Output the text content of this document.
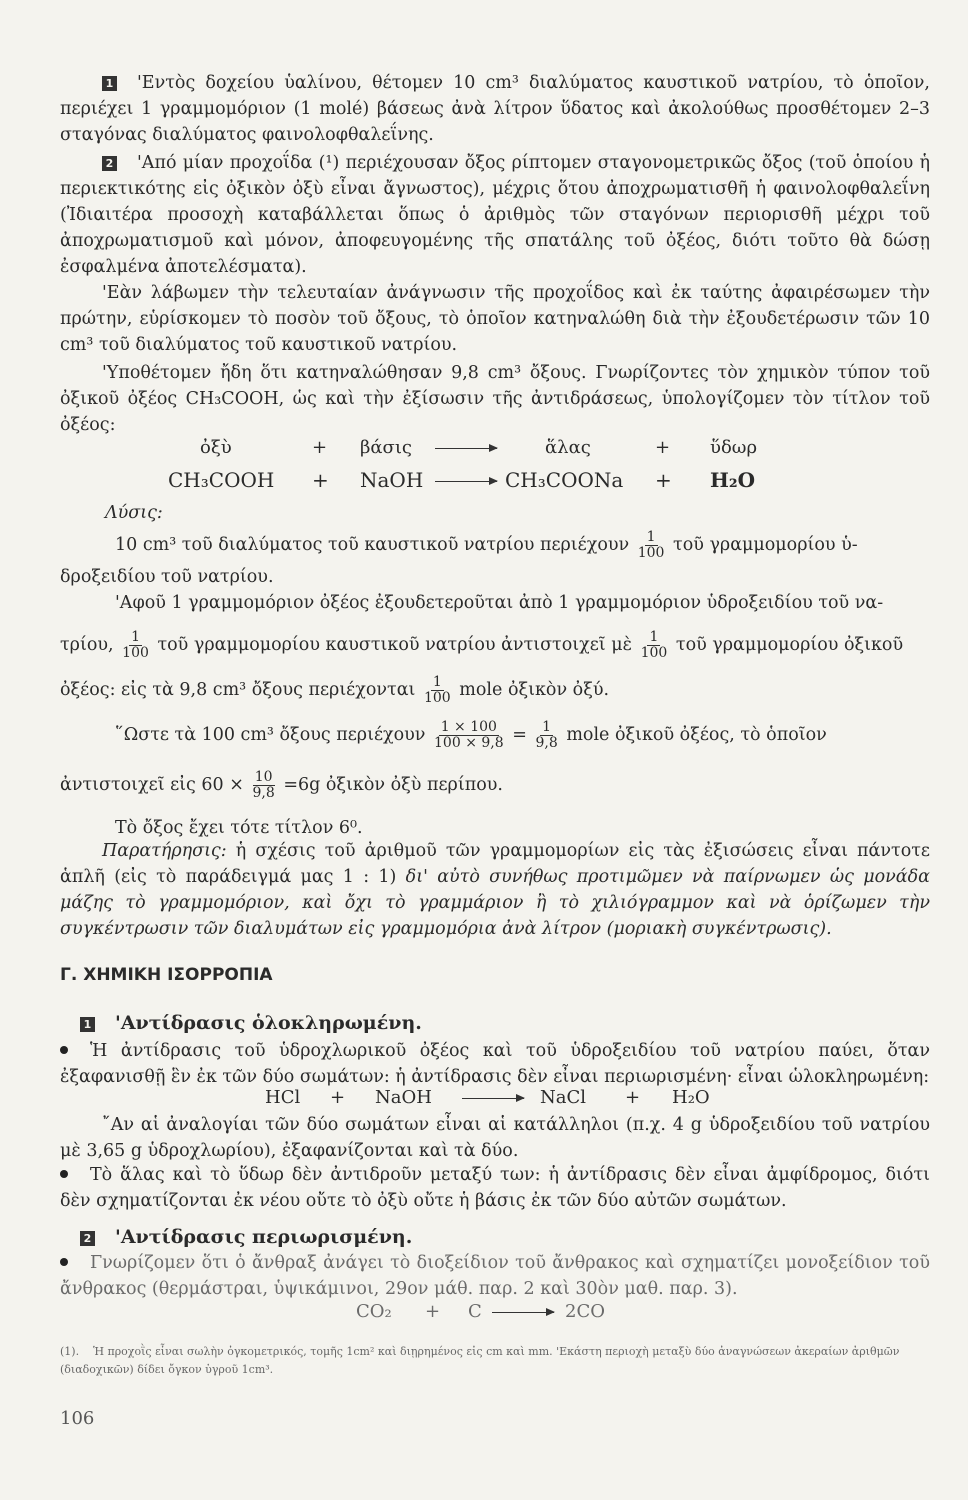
1 'Εντὸς δοχείου ὑαλίνου, θέτομεν 10 cm³ διαλύματος καυστικοῦ νατρίου, τὸ ὁποῖον, περιέχει 1 γραμμομόριον (1 molé) βάσεως ἀνὰ λίτρον ὕδατος καὶ ἀκολούθως προσθέτομεν 2–3 σταγόνας διαλύματος φαινολοφθαλεΐνης.

2 'Από μίαν προχοΐδα (¹) περιέχουσαν ὄξος ρίπτομεν σταγονομετρικῶς ὄξος (τοῦ ὁποίου ἡ περιεκτικότης εἰς ὀξικὸν ὀξὺ εἶναι ἄγνωστος), μέχρις ὅτου ἀποχρωματισθῆ ἡ φαινολοφθαλεΐνη (Ἰδιαιτέρα προσοχὴ καταβάλλεται ὅπως ὁ ἀριθμὸς τῶν σταγόνων περιορισθῆ μέχρι τοῦ ἀποχρωματισμοῦ καὶ μόνον, ἀποφευγομένης τῆς σπατάλης τοῦ ὀξέος, διότι τοῦτο θὰ δώσῃ ἐσφαλμένα ἀποτελέσματα).

'Εὰν λάβωμεν τὴν τελευταίαν ἀνάγνωσιν τῆς προχοΐδος καὶ ἐκ ταύτης ἀφαιρέσωμεν τὴν πρώτην, εὑρίσκομεν τὸ ποσὸν τοῦ ὄξους, τὸ ὁποῖον κατηναλώθη διὰ τὴν ἐξουδετέρωσιν τῶν 10 cm³ τοῦ διαλύματος τοῦ καυστικοῦ νατρίου.

'Υποθέτομεν ἤδη ὅτι κατηναλώθησαν 9,8 cm³ ὄξους. Γνωρίζοντες τὸν χημικὸν τύπον τοῦ ὀξικοῦ ὀξέος CH₃COOH, ὡς καὶ τὴν ἐξίσωσιν τῆς ἀντιδράσεως, ὑπολογίζομεν τὸν τίτλον τοῦ ὀξέος:

ὀξὺ	+ βάσις →	ἅλας	+ ὕδωρ
CH₃COOH + NaOH → CH₃COONa + H₂O
Λύσις:
10 cm³ τοῦ διαλύματος τοῦ καυστικοῦ νατρίου περιέχουν $\frac{1}{100}$ τοῦ γραμμομορίου ὑ-
δροξειδίου τοῦ νατρίου.
'Αφοῦ 1 γραμμομόριον ὀξέος ἐξουδετεροῦται ἀπὸ 1 γραμμομόριον ὑδροξειδίου τοῦ να-
τρίου, $\frac{1}{100}$ τοῦ γραμμομορίου καυστικοῦ νατρίου ἀντιστοιχεῖ μὲ $\frac{1}{100}$ τοῦ γραμμομορίου ὀξικοῦ
ὀξέος: εἰς τὰ 9,8 cm³ ὄξους περιέχονται $\frac{1}{100}$ mole ὀξικὸν ὀξύ.
῞Ωστε τὰ 100 cm³ ὄξους περιέχουν $\frac{1 \times 100}{100 \times 9,8} = \frac{1}{9,8}$ mole ὀξικοῦ ὀξέος, τὸ ὁποῖον
ἀντιστοιχεῖ εἰς $60 \times \frac{10}{9,8} =6g$ ὀξικὸν ὀξὺ περίπου.
Τὸ ὄξος ἔχει τότε τίτλον 6⁰.

Παρατήρησις: ἡ σχέσις τοῦ ἀριθμοῦ τῶν γραμμομορίων εἰς τὰς ἐξισώσεις εἶναι πάντοτε ἁπλῆ (εἰς τὸ παράδειγμά μας 1 : 1) δι' αὐτὸ συνήθως προτιμῶμεν νὰ παίρνωμεν ὡς μονάδα μάζης τὸ γραμμομόριον, καὶ ὄχι τὸ γραμμάριον ἢ τὸ χιλιόγραμμον καὶ νὰ ὁρίζωμεν τὴν συγκέντρωσιν τῶν διαλυμάτων εἰς γραμμομόρια ἀνὰ λίτρον (μοριακὴ συγκέντρωσις).

Γ. ΧΗΜΙΚΗ ΙΣΟΡΡΟΠΙΑ
1 'Αντίδρασις ὁλοκληρωμένη.

Ἡ ἀντίδρασις τοῦ ὑδροχλωρικοῦ ὀξέος καὶ τοῦ ὑδροξειδίου τοῦ νατρίου παύει, ὅταν ἐξαφανισθῇ ἓν ἐκ τῶν δύο σωμάτων: ἡ ἀντίδρασις δὲν εἶναι περιωρισμένη· εἶναι ὡλοκληρωμένη:

HCl + NaOH → NaCl + H₂O

῎Αν αἱ ἀναλογίαι τῶν δύο σωμάτων εἶναι αἱ κατάλληλοι (π.χ. 4 g ὑδροξειδίου τοῦ νατρίου μὲ 3,65 g ὑδροχλωρίου), ἐξαφανίζονται καὶ τὰ δύο.

Τὸ ἅλας καὶ τὸ ὕδωρ δὲν ἀντιδροῦν μεταξύ των: ἡ ἀντίδρασις δὲν εἶναι ἀμφίδρομος, διότι δὲν σχηματίζονται ἐκ νέου οὔτε τὸ ὀξὺ οὔτε ἡ βάσις ἐκ τῶν δύο αὐτῶν σωμάτων.

2 'Αντίδρασις περιωρισμένη.

Γνωρίζομεν ὅτι ὁ ἄνθραξ ἀνάγει τὸ διοξείδιον τοῦ ἄνθρακος καὶ σχηματίζει μονοξείδιον τοῦ ἄνθρακος (θερμάστραι, ὑψικάμινοι, 29ον μάθ. παρ. 2 καὶ 30ὸν μαθ. παρ. 3).

CO₂ + C → 2CO
(1). Ἡ προχοῒς εἶναι σωλὴν ὀγκομετρικός, τομῆς 1cm² καὶ διῃρημένος εἰς cm καὶ mm. 'Εκάστη περιοχὴ μεταξὺ δύο ἀναγνώσεων ἀκεραίων ἀριθμῶν (διαδοχικῶν) δίδει ὄγκον ὑγροῦ 1cm³.
106
